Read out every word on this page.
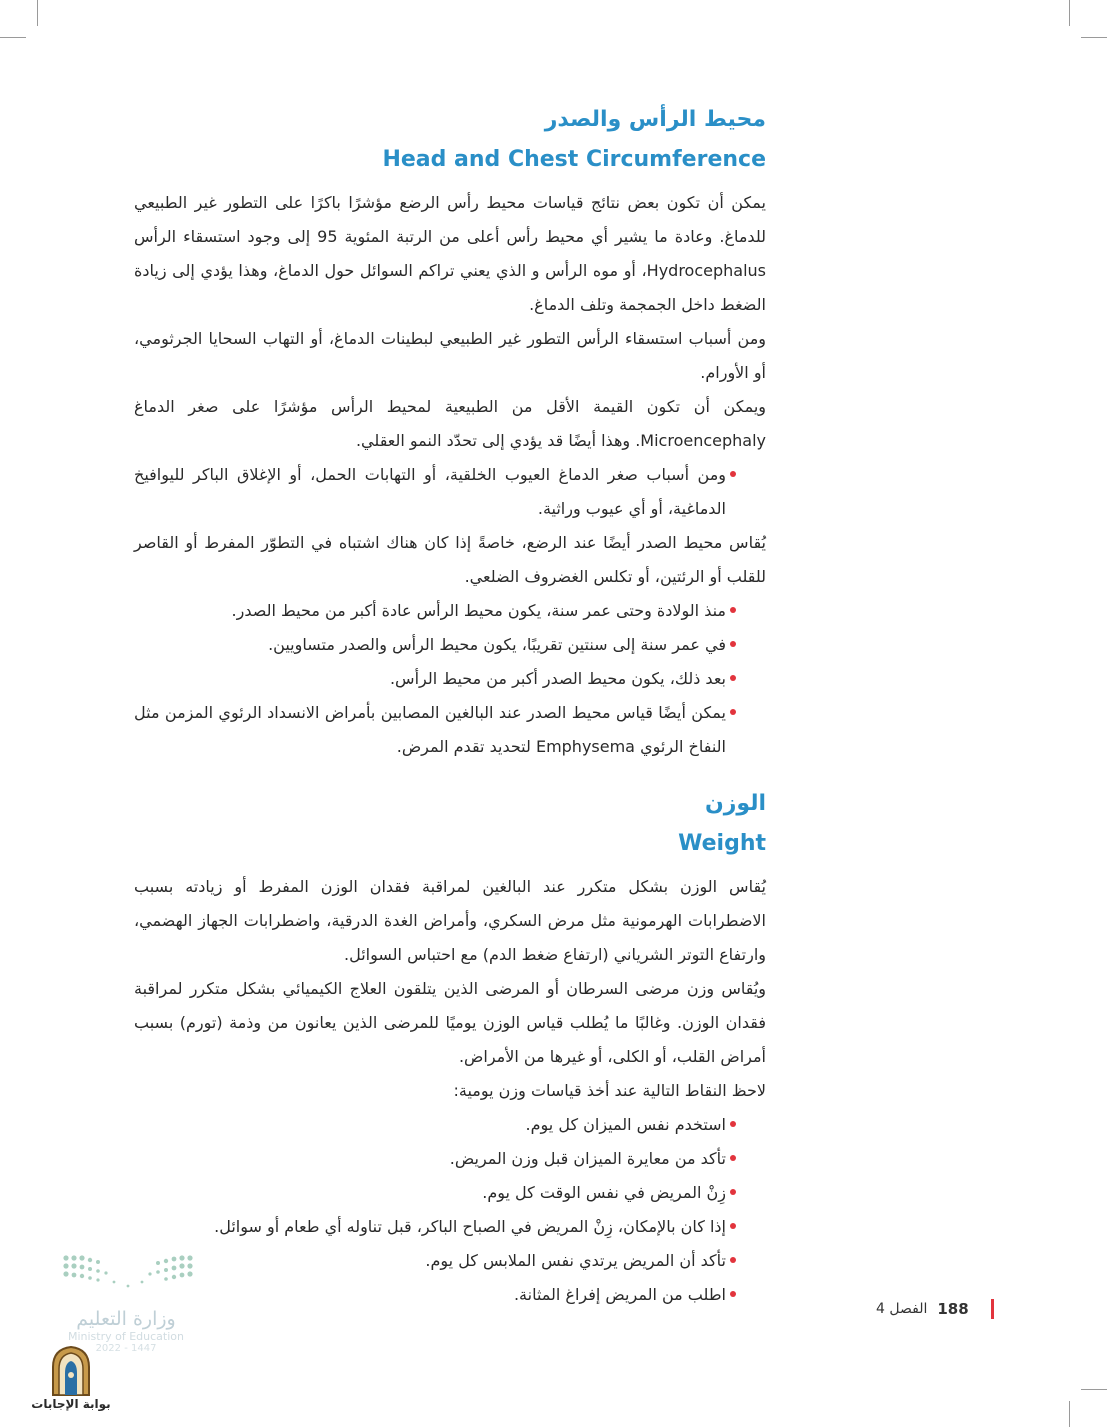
محيط الرأس والصدر
Head and Chest Circumference

يمكن أن تكون بعض نتائج قياسات محيط رأس الرضع مؤشرًا باكرًا على التطور غير الطبيعي للدماغ. وعادة ما يشير أي محيط رأس أعلى من الرتبة المئوية 95 إلى وجود استسقاء الرأس Hydrocephalus، أو موه الرأس و الذي يعني تراكم السوائل حول الدماغ، وهذا يؤدي إلى زيادة الضغط داخل الجمجمة وتلف الدماغ.

ومن أسباب استسقاء الرأس التطور غير الطبيعي لبطينات الدماغ، أو التهاب السحايا الجرثومي، أو الأورام.

ويمكن أن تكون القيمة الأقل من الطبيعية لمحيط الرأس مؤشرًا على صغر الدماغ Microencephaly. وهذا أيضًا قد يؤدي إلى تحدّد النمو العقلي.

ومن أسباب صغر الدماغ العيوب الخلقية، أو التهابات الحمل، أو الإغلاق الباكر لليوافيخ الدماغية، أو أي عيوب وراثية.

يُقاس محيط الصدر أيضًا عند الرضع، خاصةً إذا كان هناك اشتباه في التطوّر المفرط أو القاصر للقلب أو الرئتين، أو تكلس الغضروف الضلعي.

منذ الولادة وحتى عمر سنة، يكون محيط الرأس عادة أكبر من محيط الصدر.
في عمر سنة إلى سنتين تقريبًا، يكون محيط الرأس والصدر متساويين.
بعد ذلك، يكون محيط الصدر أكبر من محيط الرأس.
يمكن أيضًا قياس محيط الصدر عند البالغين المصابين بأمراض الانسداد الرئوي المزمن مثل النفاخ الرئوي Emphysema لتحديد تقدم المرض.
الوزن
Weight

يُقاس الوزن بشكل متكرر عند البالغين لمراقبة فقدان الوزن المفرط أو زيادته بسبب الاضطرابات الهرمونية مثل مرض السكري، وأمراض الغدة الدرقية، واضطرابات الجهاز الهضمي، وارتفاع التوتر الشرياني (ارتفاع ضغط الدم) مع احتباس السوائل.

ويُقاس وزن مرضى السرطان أو المرضى الذين يتلقون العلاج الكيميائي بشكل متكرر لمراقبة فقدان الوزن. وغالبًا ما يُطلب قياس الوزن يوميًا للمرضى الذين يعانون من وذمة (تورم) بسبب أمراض القلب، أو الكلى، أو غيرها من الأمراض.

لاحظ النقاط التالية عند أخذ قياسات وزن يومية:

استخدم نفس الميزان كل يوم.
تأكد من معايرة الميزان قبل وزن المريض.
زِنْ المريض في نفس الوقت كل يوم.
إذا كان بالإمكان، زِنْ المريض في الصباح الباكر، قبل تناوله أي طعام أو سوائل.
تأكد أن المريض يرتدي نفس الملابس كل يوم.
اطلب من المريض إفراغ المثانة.
الفصل 4 188
وزارة التعليم
Ministry of Education
2022 - 1447
بوابة الإجابات
